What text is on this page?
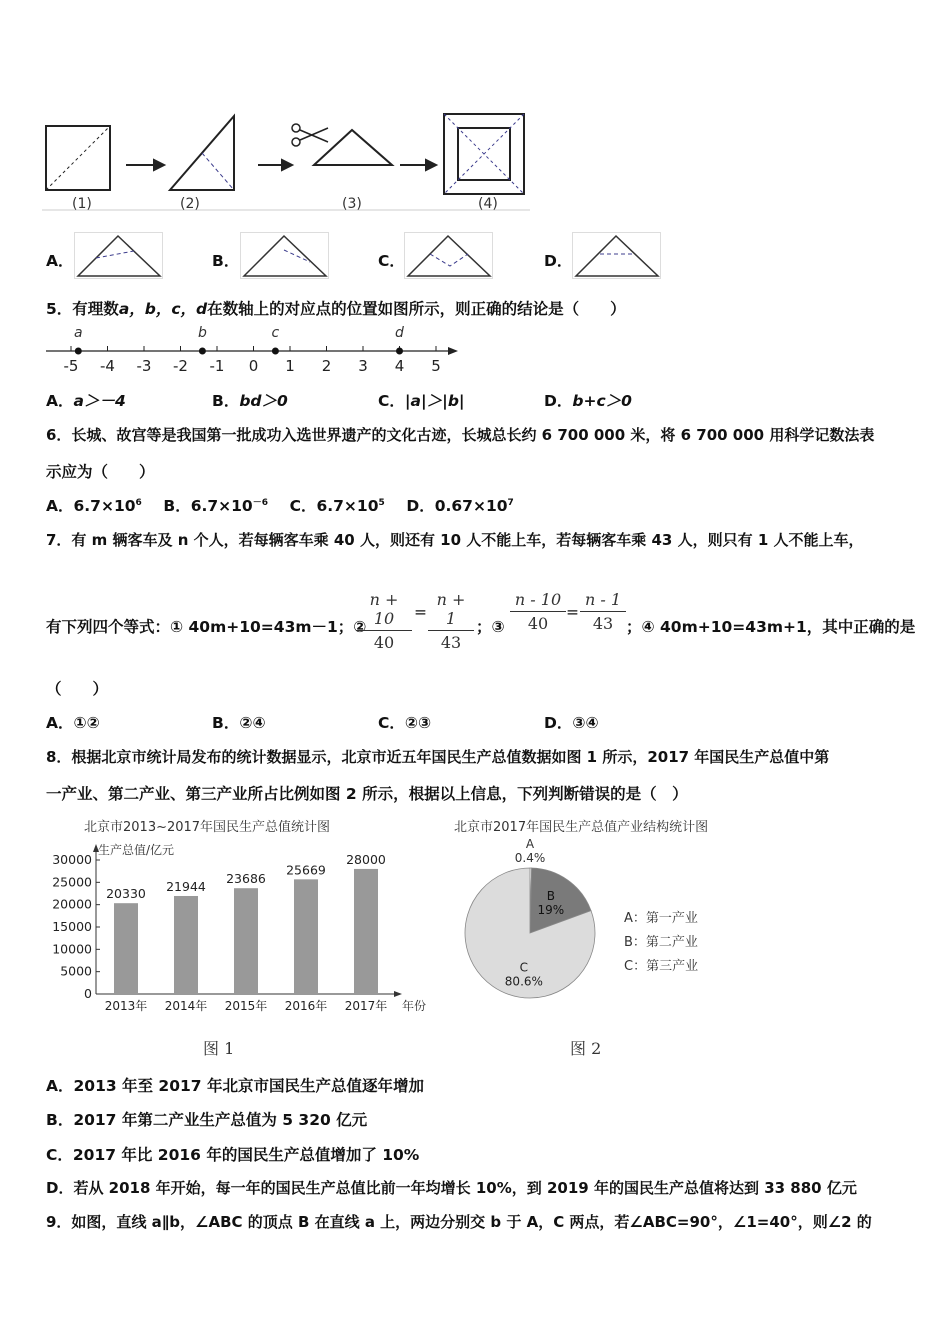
(1)	(2)	(3)	(4)
A．	B．	C．	D．
5．有理数a，b，c，d在数轴上的对应点的位置如图所示，则正确的结论是（　　）
-5 -4 -3 -2 -1 0 1 2 3 4 5
a	b	c	d
A．a＞－4	B．bd＞0	C．|a|＞|b|	D．b+c＞0
6．长城、故宫等是我国第一批成功入选世界遗产的文化古迹，长城总长约 6 700 000 米，将 6 700 000 用科学记数法表
示应为（　　）
A．$6.7\times 10^6$ B．$6.7\times 10^{-6}$ C．$6.7\times 10^5$ D．$0.67\times 10^7$
7．有 m 辆客车及 n 个人，若每辆客车乘 40 人，则还有 10 人不能上车，若每辆客车乘 43 人，则只有 1 人不能上车，
有下列四个等式：① 40m+10=43m－1；②
n + 10
40
=
n + 1
43
；③
n - 10
40
=
n - 1
43 ；④ 40m+10=43m+1，其中正确的是
（　　）
A．①②	B．②④	C．②③	D．③④
8．根据北京市统计局发布的统计数据显示，北京市近五年国民生产总值数据如图 1 所示，2017 年国民生产总值中第
一产业、第二产业、第三产业所占比例如图 2 所示，根据以上信息，下列判断错误的是（　）
北京市2013~2017年国民生产总值统计图
生产总值/亿元
年份
0
5000
10000
15000
20000
25000
30000
20330
2013年
21944
2014年
23686
2015年
25669
2016年
28000
2017年
图 1
北京市2017年国民生产总值产业结构统计图
A
0.4%
B
19%
C
80.6%
A：第一产业
B：第二产业
C：第三产业
图 2
A．2013 年至 2017 年北京市国民生产总值逐年增加
B．2017 年第二产业生产总值为 5 320 亿元
C．2017 年比 2016 年的国民生产总值增加了 10%
D．若从 2018 年开始，每一年的国民生产总值比前一年均增长 10%，到 2019 年的国民生产总值将达到 33 880 亿元
9．如图，直线 a∥b，∠ABC 的顶点 B 在直线 a 上，两边分别交 b 于 A，C 两点，若∠ABC=90°，∠1=40°，则∠2 的
